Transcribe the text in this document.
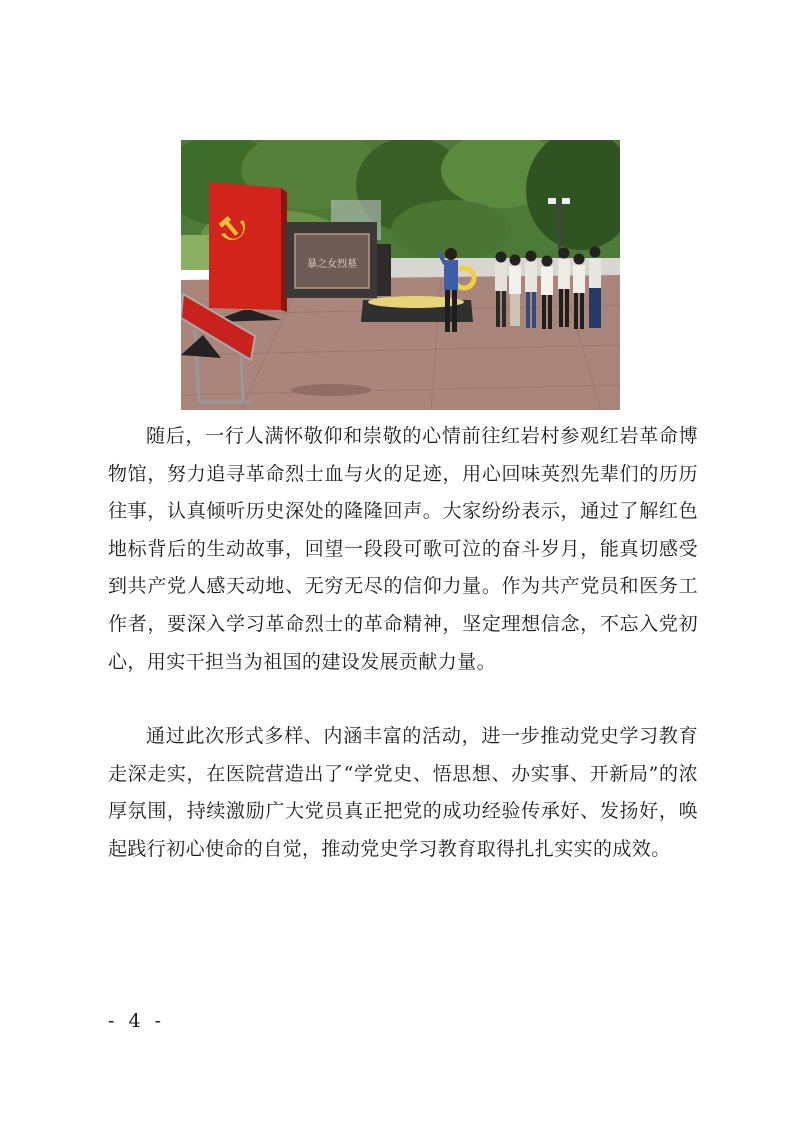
暴之女烈墓

随后，一行人满怀敬仰和崇敬的心情前往红岩村参观红岩革命博物馆，努力追寻革命烈士血与火的足迹，用心回味英烈先辈们的历历往事，认真倾听历史深处的隆隆回声。大家纷纷表示，通过了解红色地标背后的生动故事，回望一段段可歌可泣的奋斗岁月，能真切感受到共产党人感天动地、无穷无尽的信仰力量。作为共产党员和医务工作者，要深入学习革命烈士的革命精神，坚定理想信念，不忘入党初心，用实干担当为祖国的建设发展贡献力量。

通过此次形式多样、内涵丰富的活动，进一步推动党史学习教育走深走实，在医院营造出了“学党史、悟思想、办实事、开新局”的浓厚氛围，持续激励广大党员真正把党的成功经验传承好、发扬好，唤起践行初心使命的自觉，推动党史学习教育取得扎扎实实的成效。

- 4 -
